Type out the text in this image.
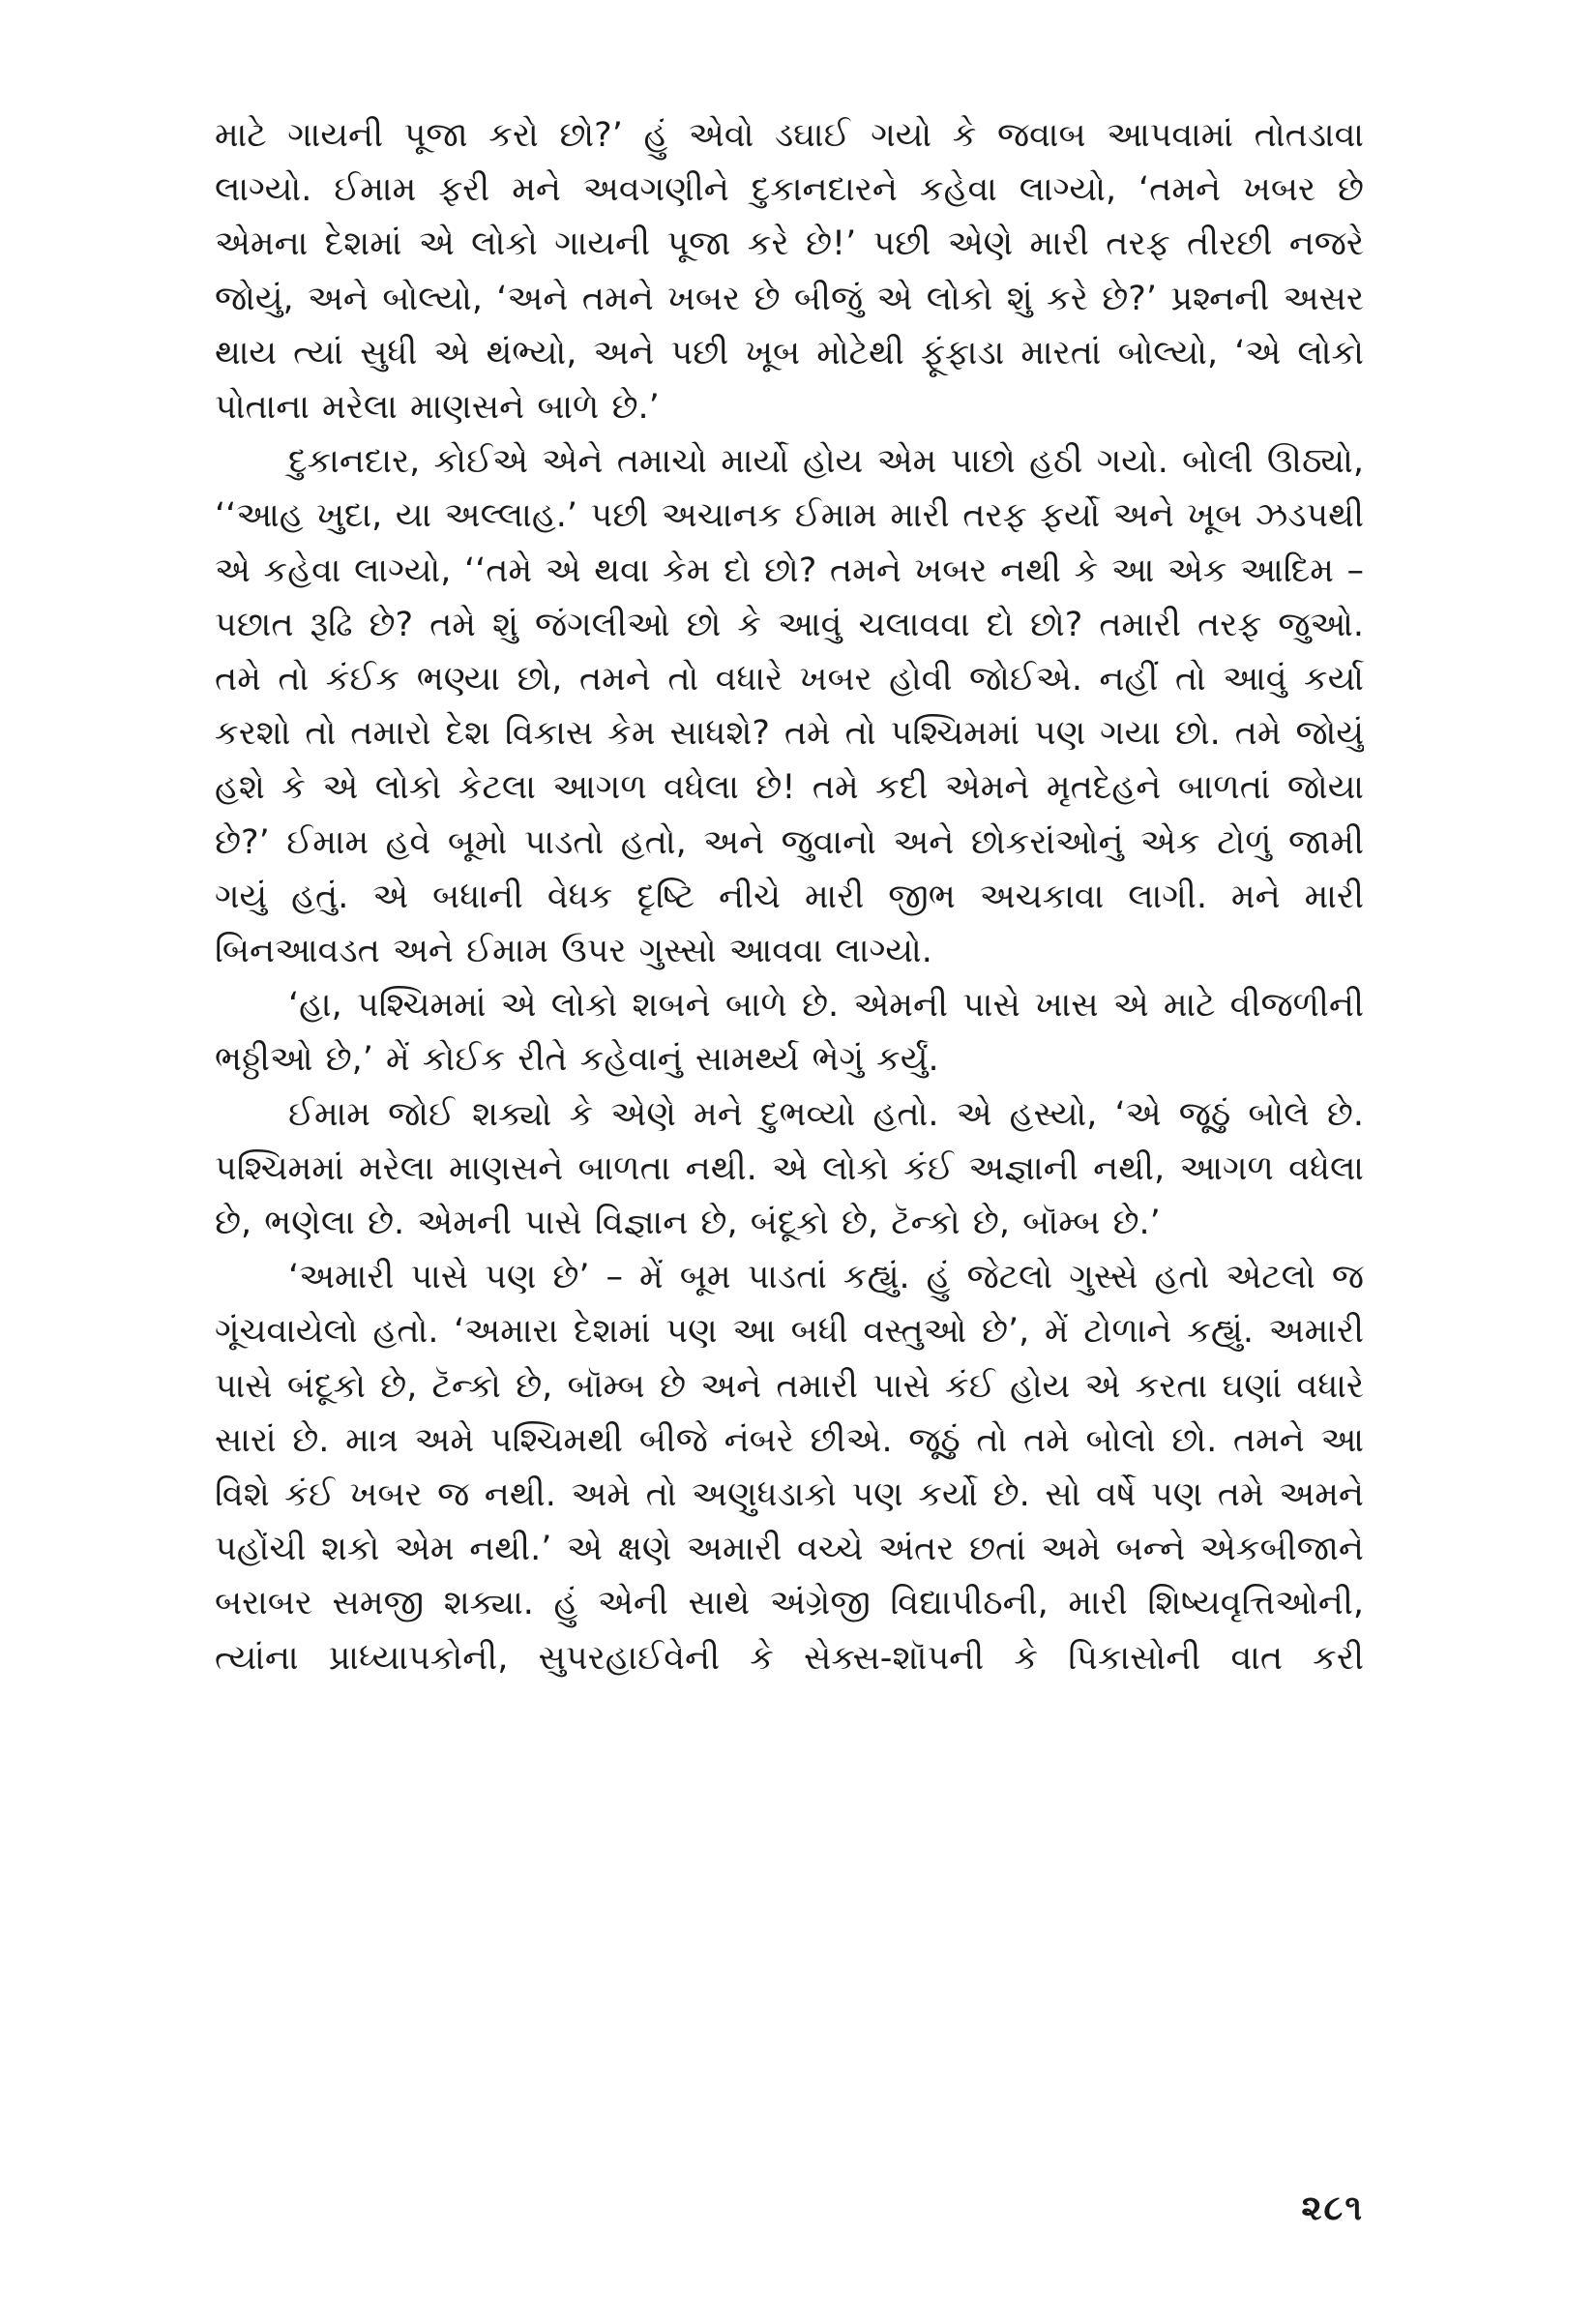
માટે ગાયની પૂજા કરો છો?’ હું એવો ડઘાઈ ગયો કે જવાબ આપવામાં તોતડાવા લાગ્યો. ઈમામ ફરી મને અવગણીને દુકાનદારને કહેવા લાગ્યો, ‘તમને ખબર છે એમના દેશમાં એ લોકો ગાયની પૂજા કરે છે!’ પછી એણે મારી તરફ તીરછી નજરે જોયું, અને બોલ્યો, ‘અને તમને ખબર છે બીજું એ લોકો શું કરે છે?’ પ્રશ્નની અસર થાય ત્યાં સુધી એ થંભ્યો, અને પછી ખૂબ મોટેથી ફૂંફાડા મારતાં બોલ્યો, ‘એ લોકો પોતાના મરેલા માણસને બાળે છે.’

દુકાનદાર, કોઈએ એને તમાચો માર્યો હોય એમ પાછો હઠી ગયો. બોલી ઊઠ્યો, ‘‘આહ ખુદા, યા અલ્લાહ.’ પછી અચાનક ઈમામ મારી તરફ ફર્યો અને ખૂબ ઝડપથી એ કહેવા લાગ્યો, ‘‘તમે એ થવા કેમ દો છો? તમને ખબર નથી કે આ એક આદિમ – પછાત રૂઢિ છે? તમે શું જંગલીઓ છો કે આવું ચલાવવા દો છો? તમારી તરફ જુઓ. તમે તો કંઈક ભણ્યા છો, તમને તો વધારે ખબર હોવી જોઈએ. નહીં તો આવું કર્યા કરશો તો તમારો દેશ વિકાસ કેમ સાધશે? તમે તો પશ્ચિમમાં પણ ગયા છો. તમે જોયું હશે કે એ લોકો કેટલા આગળ વધેલા છે! તમે કદી એમને મૃતદેહને બાળતાં જોયા છે?’ ઈમામ હવે બૂમો પાડતો હતો, અને જુવાનો અને છોકરાંઓનું એક ટોળું જામી ગયું હતું. એ બધાની વેધક દૃષ્ટિ નીચે મારી જીભ અચકાવા લાગી. મને મારી બિનઆવડત અને ઈમામ ઉપર ગુસ્સો આવવા લાગ્યો.

‘હા, પશ્ચિમમાં એ લોકો શબને બાળે છે. એમની પાસે ખાસ એ માટે વીજળીની ભઠ્ઠીઓ છે,’ મેં કોઈક રીતે કહેવાનું સામર્થ્ય ભેગું કર્યું.

ઈમામ જોઈ શક્યો કે એણે મને દુભવ્યો હતો. એ હસ્યો, ‘એ જૂઠું બોલે છે. પશ્ચિમમાં મરેલા માણસને બાળતા નથી. એ લોકો કંઈ અજ્ઞાની નથી, આગળ વધેલા છે, ભણેલા છે. એમની પાસે વિજ્ઞાન છે, બંદૂકો છે, ટૅન્કો છે, બૉમ્બ છે.’

‘અમારી પાસે પણ છે’ – મેં બૂમ પાડતાં કહ્યું. હું જેટલો ગુસ્સે હતો એટલો જ ગૂંચવાયેલો હતો. ‘અમારા દેશમાં પણ આ બધી વસ્તુઓ છે’, મેં ટોળાને કહ્યું. અમારી પાસે બંદૂકો છે, ટૅન્કો છે, બૉમ્બ છે અને તમારી પાસે કંઈ હોય એ કરતા ઘણાં વધારે સારાં છે. માત્ર અમે પશ્ચિમથી બીજે નંબરે છીએ. જૂઠું તો તમે બોલો છો. તમને આ વિશે કંઈ ખબર જ નથી. અમે તો અણુધડાકો પણ કર્યો છે. સો વર્ષે પણ તમે અમને પહોંચી શકો એમ નથી.’ એ ક્ષણે અમારી વચ્ચે અંતર છતાં અમે બન્ને એકબીજાને બરાબર સમજી શક્યા. હું એની સાથે અંગ્રેજી વિદ્યાપીઠની, મારી શિષ્યવૃત્તિઓની, ત્યાંના પ્રાધ્યાપકોની, સુપરહાઈવેની કે સેક્સ-શૉપની કે પિકાસોની વાત કરી

૨૮૧
